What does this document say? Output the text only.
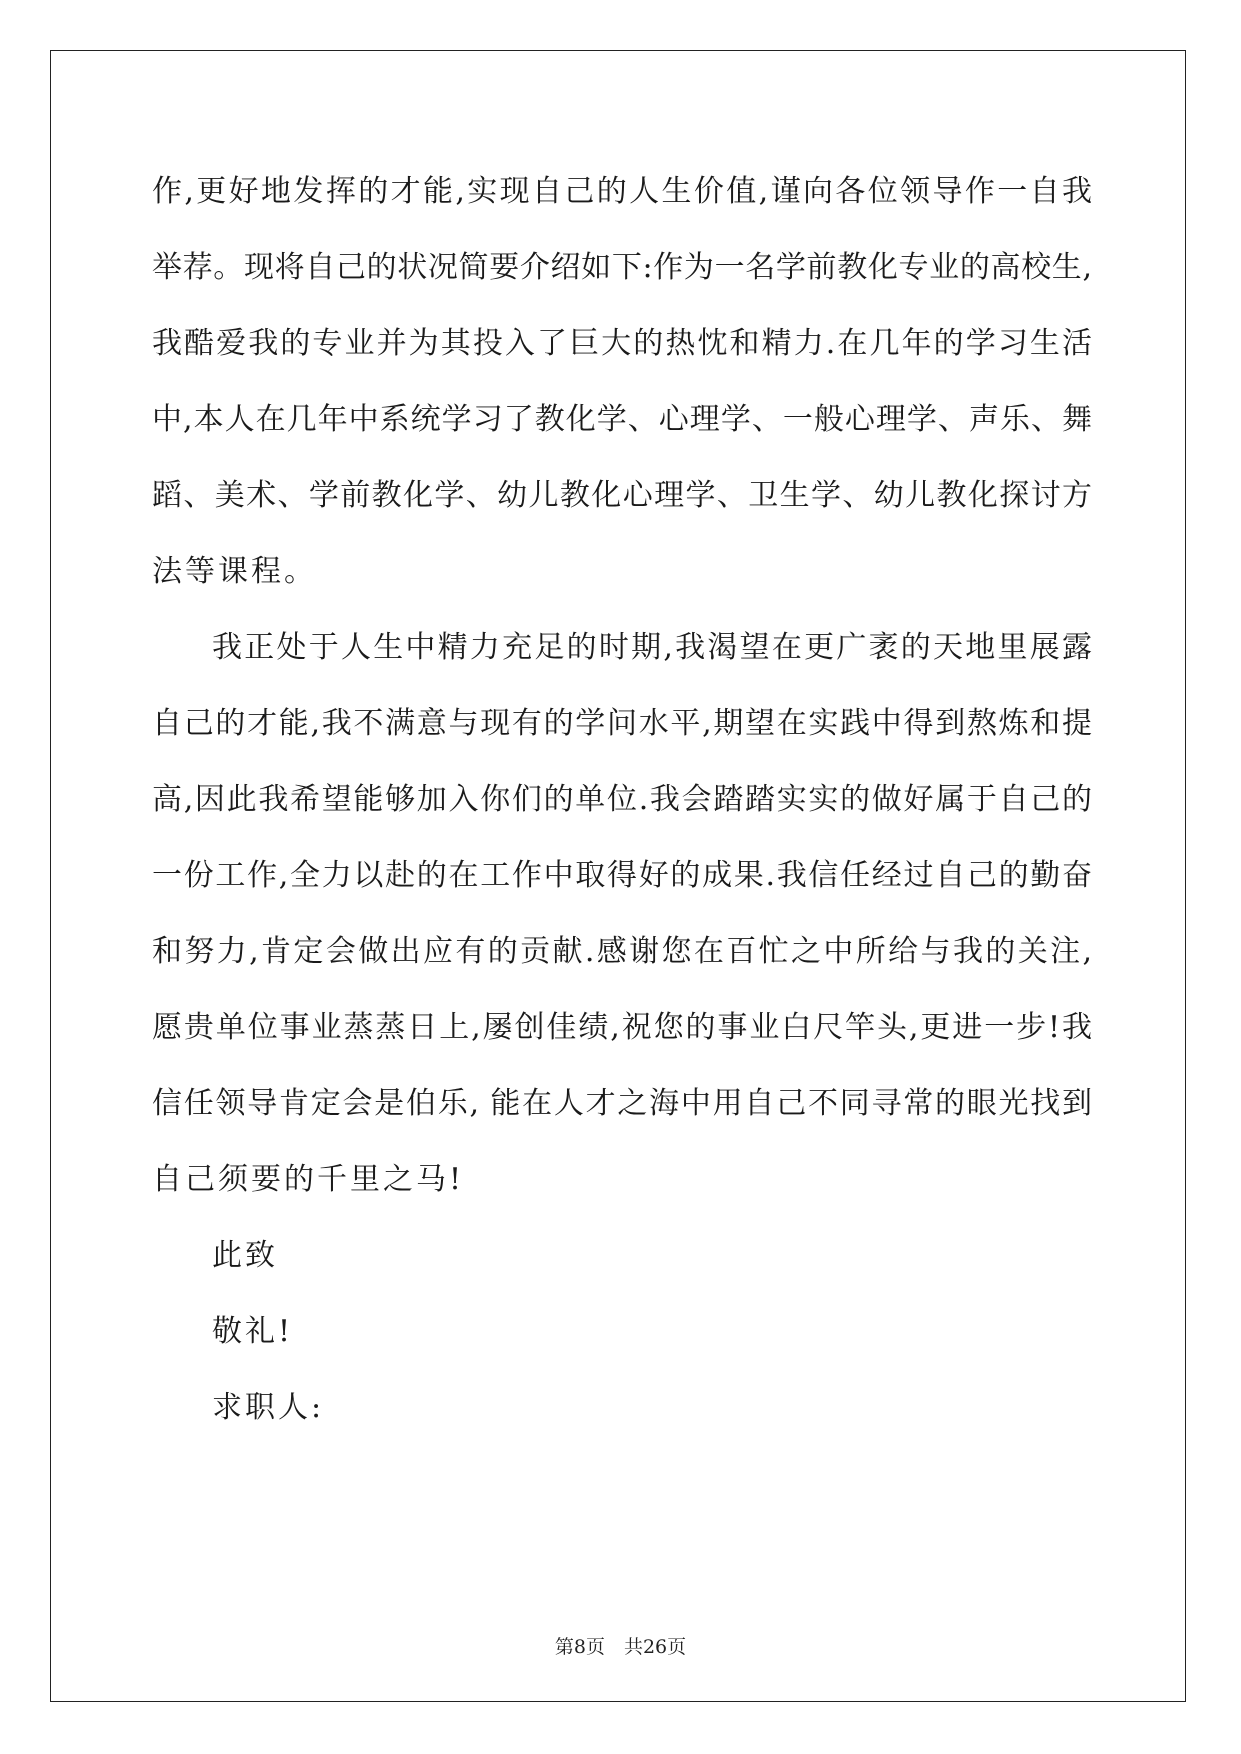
作,更好地发挥的才能,实现自己的人生价值,谨向各位领导作一自我
举荐。现将自己的状况简要介绍如下:作为一名学前教化专业的高校生,
我酷爱我的专业并为其投入了巨大的热忱和精力.在几年的学习生活
中,本人在几年中系统学习了教化学、心理学、一般心理学、声乐、舞
蹈、美术、学前教化学、幼儿教化心理学、卫生学、幼儿教化探讨方
法等课程。
我正处于人生中精力充足的时期,我渴望在更广袤的天地里展露
自己的才能,我不满意与现有的学问水平,期望在实践中得到熬炼和提
高,因此我希望能够加入你们的单位.我会踏踏实实的做好属于自己的
一份工作,全力以赴的在工作中取得好的成果.我信任经过自己的勤奋
和努力,肯定会做出应有的贡献.感谢您在百忙之中所给与我的关注,
愿贵单位事业蒸蒸日上,屡创佳绩,祝您的事业白尺竿头,更进一步!我
信任领导肯定会是伯乐, 能在人才之海中用自己不同寻常的眼光找到
自己须要的千里之马!
此致
敬礼!
求职人:
第8页　共26页
